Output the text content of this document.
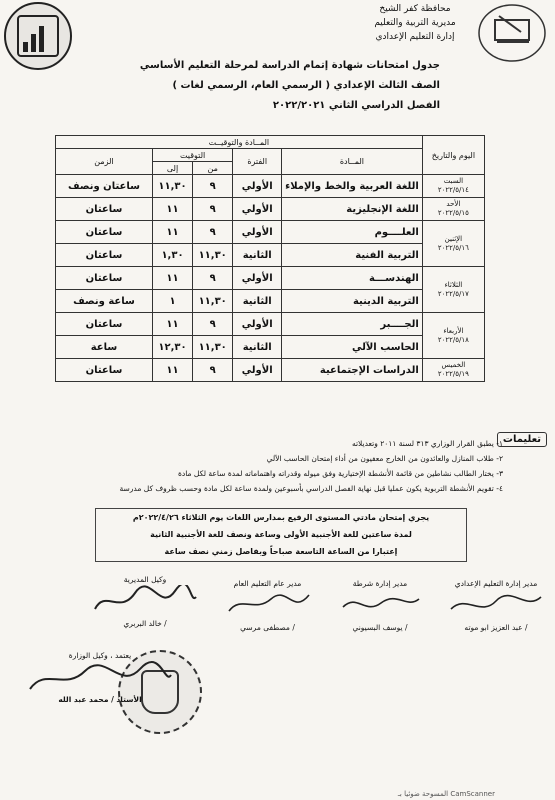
محافظة كفر الشيخ
مديرية التربية والتعليم
إدارة التعليم الإعدادي
جدول امتحانات شهادة إتمام الدراسة لمرحلة التعليم الأساسي
الصف الثالث الإعدادي ( الرسمي العام، الرسمي لغات )
الفصل الدراسي الثاني ٢٠٢٢/٢٠٢١
اليوم والتاريخ	المــادة والتوقيــت				
	المــادة	الفترة	التوقيت		الزمن
			من	إلى	

السبت
٢٠٢٢/٥/١٤	اللغة العربية والخط والإملاء	الأولي	٩	١١,٣٠	ساعتان ونصف

الأحد
٢٠٢٢/٥/١٥	اللغة الإنجليزية	الأولي	٩	١١	ساعتان

الإثنين
٢٠٢٢/٥/١٦	العلــــوم	الأولي	٩	١١	ساعتان
	التربية الفنية	الثانية	١١,٣٠	١,٣٠	ساعتان

الثلاثاء
٢٠٢٢/٥/١٧	الهندســـة	الأولي	٩	١١	ساعتان
	التربية الدينية	الثانية	١١,٣٠	١	ساعة ونصف

الأربعاء
٢٠٢٢/٥/١٨	الجــــبر	الأولي	٩	١١	ساعتان
	الحاسب الآلي	الثانية	١١,٣٠	١٢,٣٠	ساعة

الخميس
٢٠٢٢/٥/١٩	الدراسات الإجتماعية	الأولي	٩	١١	ساعتان
تعليمات
١- يطبق القرار الوزاري ٣١٣ لسنة ٢٠١١ وتعديلاته
٢- طلاب المنازل والعائدون من الخارج معفيون من أداء إمتحان الحاسب الآلي
٣- يختار الطالب نشاطين من قائمة الأنشطة الإختيارية وفق ميوله وقدراته واهتماماته لمدة ساعة لكل مادة
٤- تقويم الأنشطة التربوية يكون عمليا قبل نهاية الفصل الدراسي بأسبوعين ولمدة ساعة لكل مادة وحسب ظروف كل مدرسة
يجري إمتحان مادتي المستوى الرفيع بمدارس اللغات يوم الثلاثاء ٢٠٢٢/٤/٢٦م
لمدة ساعتين للغة الأجنبية الأولى وساعة ونصف للغة الأجنبية الثانية
إعتبارا من الساعة التاسعة صباحاً وبفاصل زمني نصف ساعة
مدير إدارة التعليم الإعدادي
/ عبد العزيز ابو موته
مدير إدارة شرطة
/ يوسف البسيوني
مدير عام التعليم العام
/ مصطفى مرسي
وكيل المديرية
/ خالد البربري
يعتمد ، وكيل الوزارة
الأستاذ / محمد عبد الله
المسوحة ضوئيا بـ CamScanner
